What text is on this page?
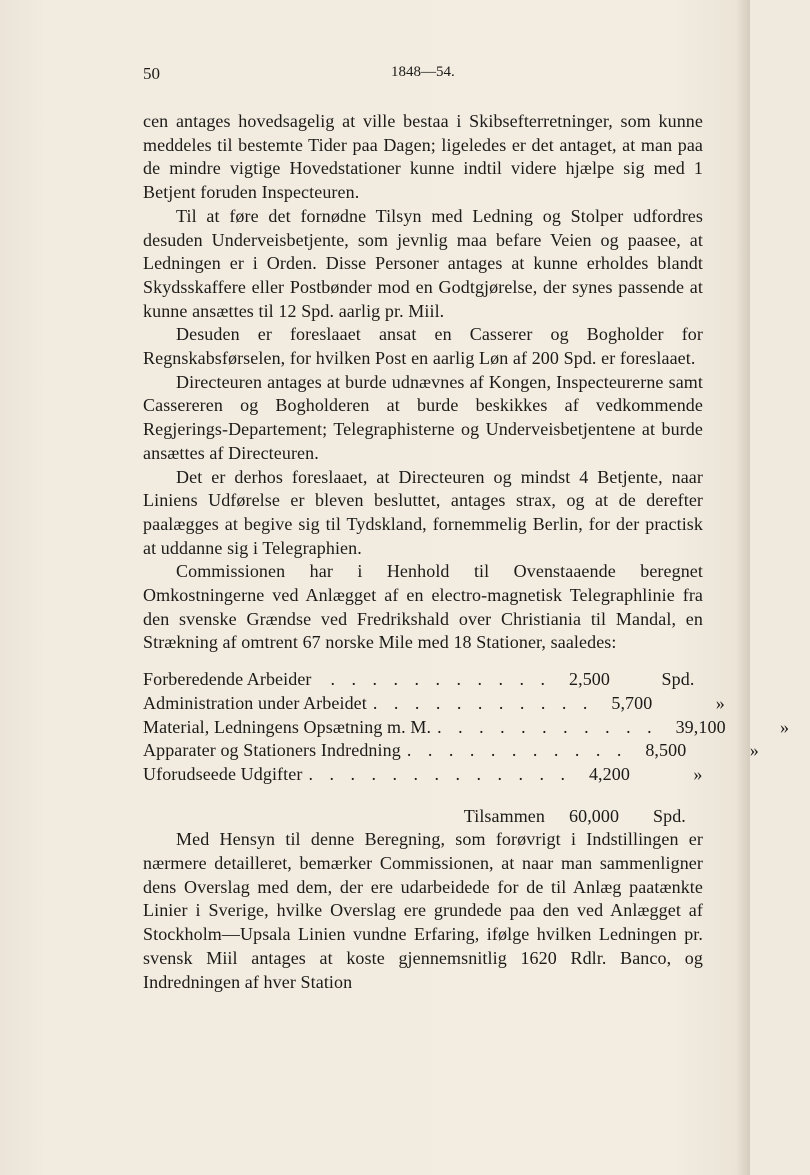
50	1848—54.

cen antages hovedsagelig at ville bestaa i Skibsefterretninger, som kunne meddeles til bestemte Tider paa Dagen; ligeledes er det antaget, at man paa de mindre vigtige Hovedstationer kunne indtil videre hjælpe sig med 1 Betjent foruden Inspecteuren.

Til at føre det fornødne Tilsyn med Ledning og Stolper udfordres desuden Underveisbetjente, som jevnlig maa befare Veien og paasee, at Ledningen er i Orden. Disse Personer antages at kunne erholdes blandt Skydsskaffere eller Postbønder mod en Godtgjørelse, der synes passende at kunne ansættes til 12 Spd. aarlig pr. Miil.

Desuden er foreslaaet ansat en Casserer og Bogholder for Regnskabsførselen, for hvilken Post en aarlig Løn af 200 Spd. er foreslaaet.

Directeuren antages at burde udnævnes af Kongen, Inspecteurerne samt Cassereren og Bogholderen at burde beskikkes af vedkommende Regjerings-Departement; Telegraphisterne og Underveisbetjentene at burde ansættes af Directeuren.

Det er derhos foreslaaet, at Directeuren og mindst 4 Betjente, naar Liniens Udførelse er bleven besluttet, antages strax, og at de derefter paalægges at begive sig til Tydskland, fornemmelig Berlin, for der practisk at uddanne sig i Telegraphien.

Commissionen har i Henhold til Ovenstaaende beregnet Omkostningerne ved Anlægget af en electro-magnetisk Telegraphlinie fra den svenske Grændse ved Fredrikshald over Christiania til Mandal, en Strækning af omtrent 67 norske Mile med 18 Stationer, saaledes:

Forberedende Arbeider	. . . . . . . . . . .	2,500	Spd.
Administration under Arbeidet . . . . . . . . . . .	5,700	»
Material, Ledningens Opsætning m. M. . . . . . . . . . . .	39,100	»
Apparater og Stationers Indredning . . . . . . . . . . .	8,500	»
Uforudseede Udgifter . . . . . . . . . . . . .	4,200	»
Tilsammen 60,000	Spd.

Med Hensyn til denne Beregning, som forøvrigt i Indstillingen er nærmere detailleret, bemærker Commissionen, at naar man sammenligner dens Overslag med dem, der ere udarbeidede for de til Anlæg paatænkte Linier i Sverige, hvilke Overslag ere grundede paa den ved Anlægget af Stockholm—Upsala Linien vundne Erfaring, ifølge hvilken Ledningen pr. svensk Miil antages at koste gjennemsnitlig 1620 Rdlr. Banco, og Indredningen af hver Station
